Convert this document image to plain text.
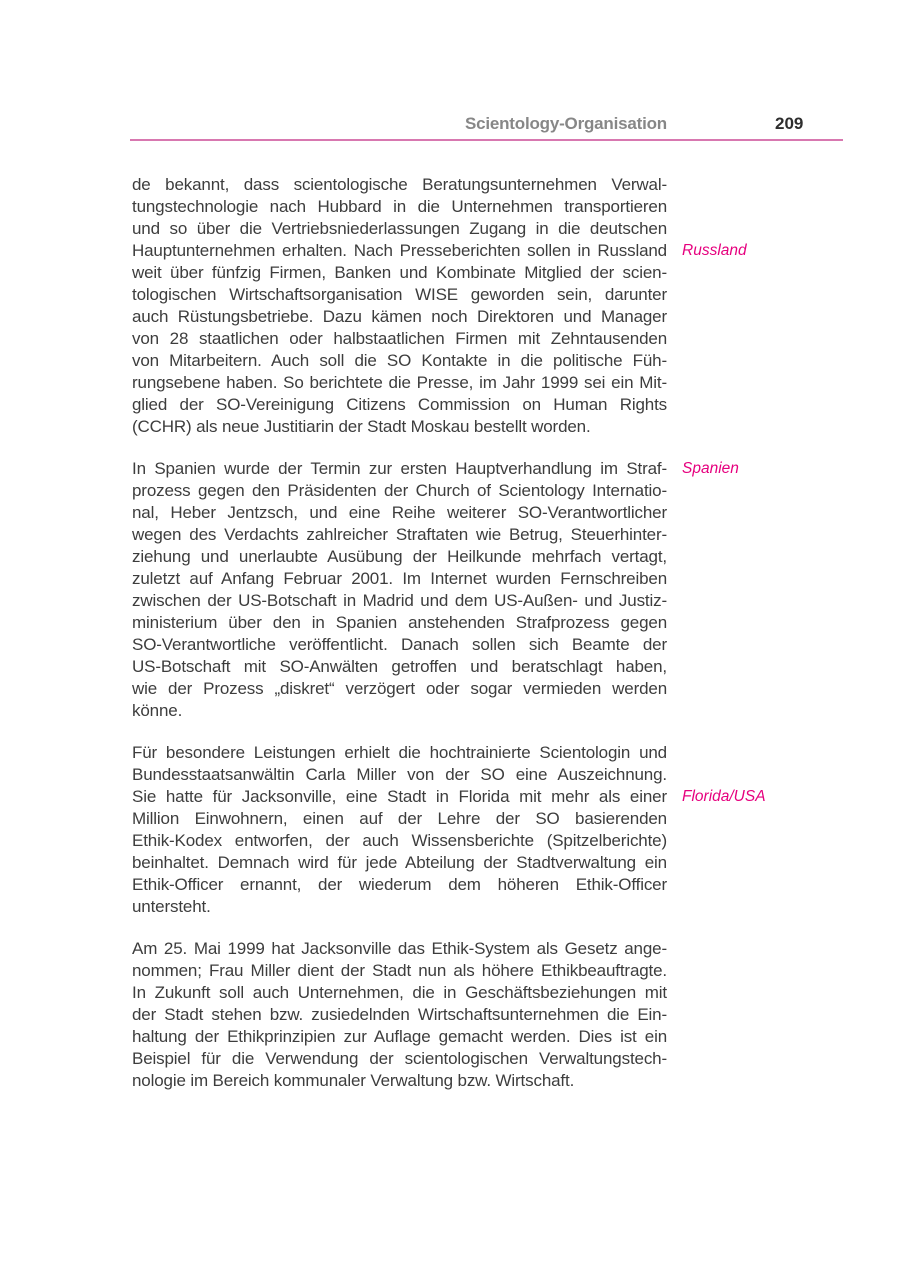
Scientology-Organisation	209
de bekannt, dass scientologische Beratungsunternehmen Verwal-
tungstechnologie nach Hubbard in die Unternehmen transportieren
und so über die Vertriebsniederlassungen Zugang in die deutschen
Hauptunternehmen erhalten. Nach Presseberichten sollen in Russland
weit über fünfzig Firmen, Banken und Kombinate Mitglied der scien-
tologischen Wirtschaftsorganisation WISE geworden sein, darunter
auch Rüstungsbetriebe. Dazu kämen noch Direktoren und Manager
von 28 staatlichen oder halbstaatlichen Firmen mit Zehntausenden
von Mitarbeitern. Auch soll die SO Kontakte in die politische Füh-
rungsebene haben. So berichtete die Presse, im Jahr 1999 sei ein Mit-
glied der SO-Vereinigung Citizens Commission on Human Rights
(CCHR) als neue Justitiarin der Stadt Moskau bestellt worden.
Russland
In Spanien wurde der Termin zur ersten Hauptverhandlung im Straf-
prozess gegen den Präsidenten der Church of Scientology Internatio-
nal, Heber Jentzsch, und eine Reihe weiterer SO-Verantwortlicher
wegen des Verdachts zahlreicher Straftaten wie Betrug, Steuerhinter-
ziehung und unerlaubte Ausübung der Heilkunde mehrfach vertagt,
zuletzt auf Anfang Februar 2001. Im Internet wurden Fernschreiben
zwischen der US-Botschaft in Madrid und dem US-Außen- und Justiz-
ministerium über den in Spanien anstehenden Strafprozess gegen
SO-Verantwortliche veröffentlicht. Danach sollen sich Beamte der
US-Botschaft mit SO-Anwälten getroffen und beratschlagt haben,
wie der Prozess „diskret“ verzögert oder sogar vermieden werden
könne.
Spanien
Für besondere Leistungen erhielt die hochtrainierte Scientologin und
Bundesstaatsanwältin Carla Miller von der SO eine Auszeichnung.
Sie hatte für Jacksonville, eine Stadt in Florida mit mehr als einer
Million Einwohnern, einen auf der Lehre der SO basierenden
Ethik-Kodex entworfen, der auch Wissensberichte (Spitzelberichte)
beinhaltet. Demnach wird für jede Abteilung der Stadtverwaltung ein
Ethik-Officer ernannt, der wiederum dem höheren Ethik-Officer
untersteht.
Florida/USA
Am 25. Mai 1999 hat Jacksonville das Ethik-System als Gesetz ange-
nommen; Frau Miller dient der Stadt nun als höhere Ethikbeauftragte.
In Zukunft soll auch Unternehmen, die in Geschäftsbeziehungen mit
der Stadt stehen bzw. zusiedelnden Wirtschaftsunternehmen die Ein-
haltung der Ethikprinzipien zur Auflage gemacht werden. Dies ist ein
Beispiel für die Verwendung der scientologischen Verwaltungstech-
nologie im Bereich kommunaler Verwaltung bzw. Wirtschaft.
